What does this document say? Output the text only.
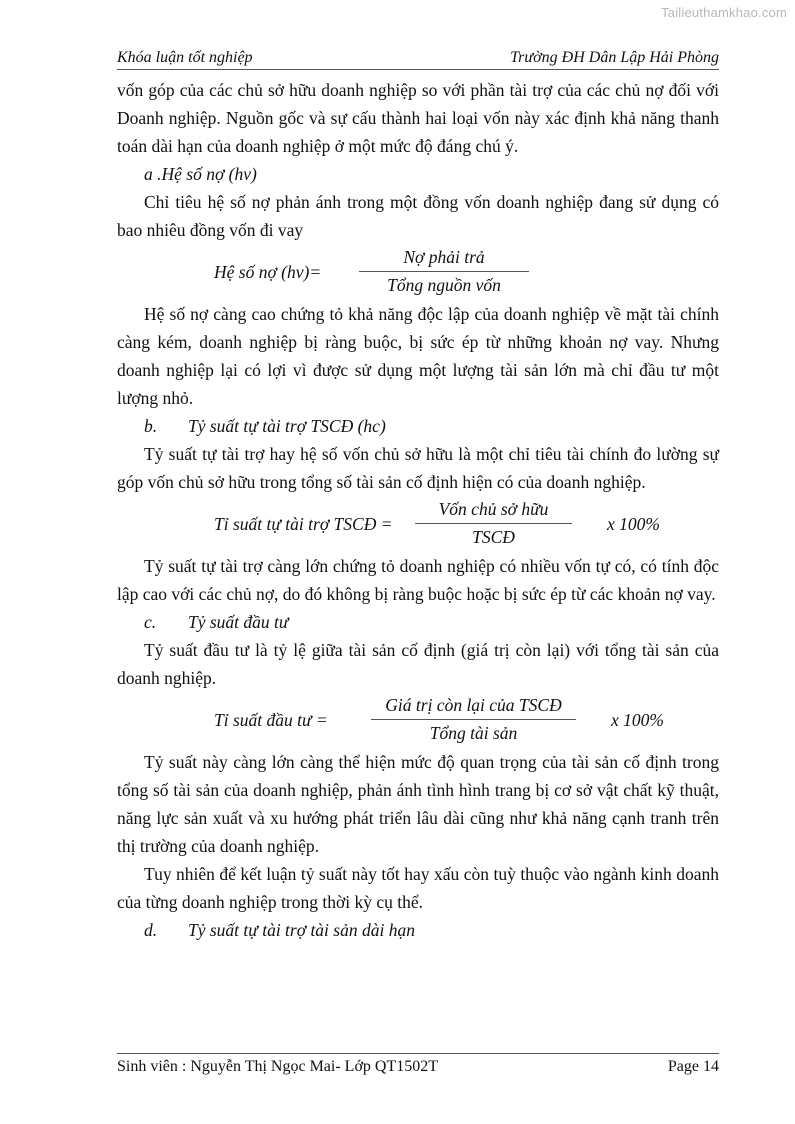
Tailieuthamkhao.com
Khóa luận tốt nghiệp	Trường ĐH Dân Lập Hải Phòng

vốn góp của các chủ sở hữu doanh nghiệp so với phần tài trợ của các chủ nợ đối với Doanh nghiệp. Nguồn gốc và sự cấu thành hai loại vốn này xác định khả năng thanh toán dài hạn của doanh nghiệp ở một mức độ đáng chú ý.

a .Hệ số nợ (hv)

Chỉ tiêu hệ số nợ phản ánh trong một đồng vốn doanh nghiệp đang sử dụng có bao nhiêu đồng vốn đi vay

Hệ số nợ (hv)=
Nợ phải trả
Tổng nguồn vốn

Hệ số nợ càng cao chứng tỏ khả năng độc lập của doanh nghiệp về mặt tài chính càng kém, doanh nghiệp bị ràng buộc, bị sức ép từ những khoản nợ vay. Nhưng doanh nghiệp lại có lợi vì được sử dụng một lượng tài sản lớn mà chỉ đầu tư một lượng nhỏ.

b. Tỷ suất tự tài trợ TSCĐ (hc)

Tỷ suất tự tài trợ hay hệ số vốn chủ sở hữu là một chỉ tiêu tài chính đo lường sự góp vốn chủ sở hữu trong tổng số tài sản cố định hiện có của doanh nghiệp.

Tỉ suất tự tài trợ TSCĐ =
Vốn chủ sở hữu
TSCĐ
x 100%

Tỷ suất tự tài trợ càng lớn chứng tỏ doanh nghiệp có nhiều vốn tự có, có tính độc lập cao với các chủ nợ, do đó không bị ràng buộc hoặc bị sức ép từ các khoản nợ vay.

c. Tỷ suất đầu tư

Tỷ suất đầu tư là tỷ lệ giữa tài sản cố định (giá trị còn lại) với tổng tài sản của doanh nghiệp.

Tỉ suất đầu tư =
Giá trị còn lại của TSCĐ
Tổng tài sản
x 100%

Tỷ suất này càng lớn càng thể hiện mức độ quan trọng của tài sản cố định trong tổng số tài sản của doanh nghiệp, phản ánh tình hình trang bị cơ sở vật chất kỹ thuật, năng lực sản xuất và xu hướng phát triển lâu dài cũng như khả năng cạnh tranh trên thị trường của doanh nghiệp.

Tuy nhiên để kết luận tỷ suất này tốt hay xấu còn tuỳ thuộc vào ngành kinh doanh của từng doanh nghiệp trong thời kỳ cụ thể.

d. Tỷ suất tự tài trợ tài sản dài hạn

Sinh viên : Nguyễn Thị Ngọc Mai- Lớp QT1502T	Page 14
